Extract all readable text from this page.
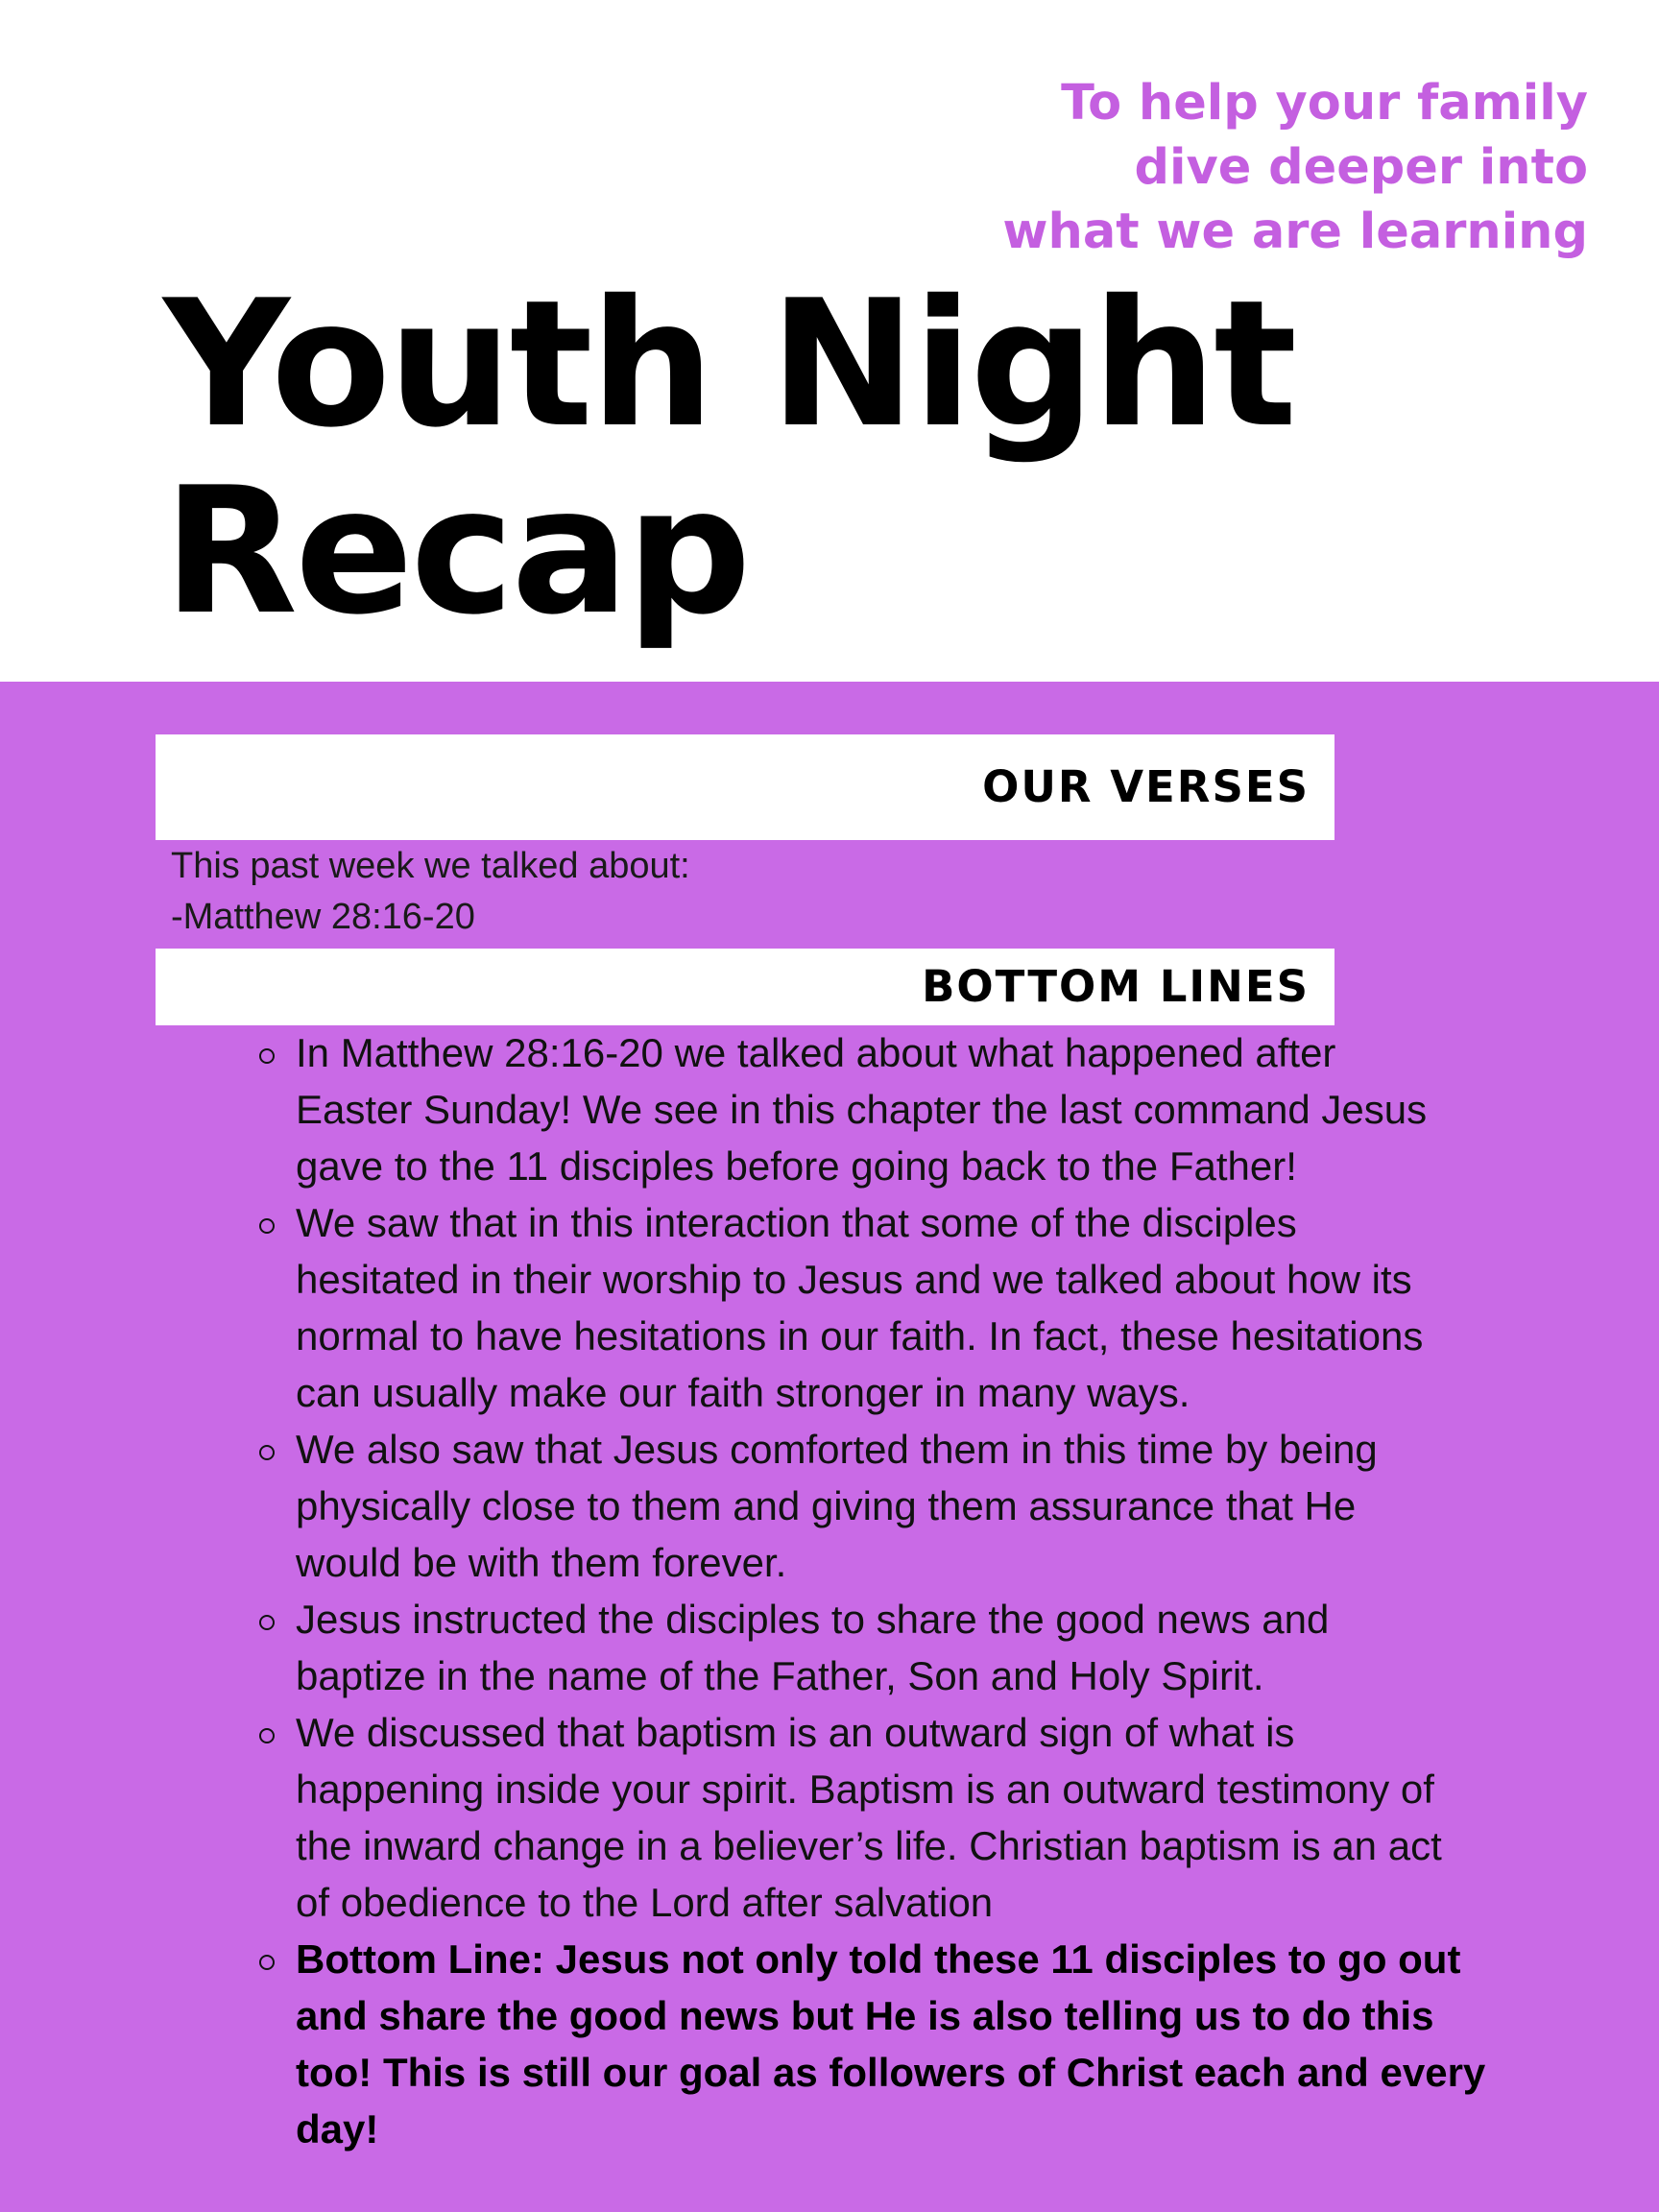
To help your family
dive deeper into
what we are learning
Youth Night
Recap
OUR VERSES
This past week we talked about:
-Matthew 28:16-20
BOTTOM LINES
In Matthew 28:16-20 we talked about what happened after
Easter Sunday! We see in this chapter the last command Jesus
gave to the 11 disciples before going back to the Father!
We saw that in this interaction that some of the disciples
hesitated in their worship to Jesus and we talked about how its
normal to have hesitations in our faith. In fact, these hesitations
can usually make our faith stronger in many ways.
We also saw that Jesus comforted them in this time by being
physically close to them and giving them assurance that He
would be with them forever.
Jesus instructed the disciples to share the good news and
baptize in the name of the Father, Son and Holy Spirit.
We discussed that baptism is an outward sign of what is
happening inside your spirit. Baptism is an outward testimony of
the inward change in a believer’s life. Christian baptism is an act
of obedience to the Lord after salvation
Bottom Line: Jesus not only told these 11 disciples to go out
and share the good news but He is also telling us to do this
too! This is still our goal as followers of Christ each and every
day!
